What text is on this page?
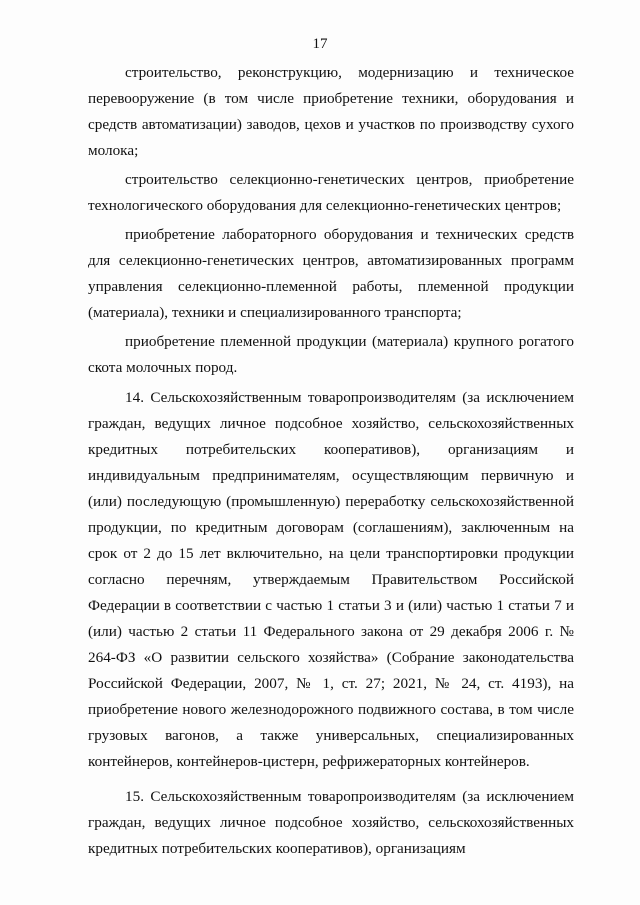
17

строительство, реконструкцию, модернизацию и техническое перевооружение (в том числе приобретение техники, оборудования и средств автоматизации) заводов, цехов и участков по производству сухого молока;

строительство селекционно-генетических центров, приобретение технологического оборудования для селекционно-генетических центров;

приобретение лабораторного оборудования и технических средств для селекционно-генетических центров, автоматизированных программ управления селекционно-племенной работы, племенной продукции (материала), техники и специализированного транспорта;

приобретение племенной продукции (материала) крупного рогатого скота молочных пород.

14. Сельскохозяйственным товаропроизводителям (за исключением граждан, ведущих личное подсобное хозяйство, сельскохозяйственных кредитных потребительских кооперативов), организациям и индивидуальным предпринимателям, осуществляющим первичную и (или) последующую (промышленную) переработку сельскохозяйственной продукции, по кредитным договорам (соглашениям), заключенным на срок от 2 до 15 лет включительно, на цели транспортировки продукции согласно перечням, утверждаемым Правительством Российской Федерации в соответствии с частью 1 статьи 3 и (или) частью 1 статьи 7 и (или) частью 2 статьи 11 Федерального закона от 29 декабря 2006 г. № 264-ФЗ «О развитии сельского хозяйства» (Собрание законодательства Российской Федерации, 2007, № 1, ст. 27; 2021, № 24, ст. 4193), на приобретение нового железнодорожного подвижного состава, в том числе грузовых вагонов, а также универсальных, специализированных контейнеров, контейнеров-цистерн, рефрижераторных контейнеров.

15. Сельскохозяйственным товаропроизводителям (за исключением граждан, ведущих личное подсобное хозяйство, сельскохозяйственных кредитных потребительских кооперативов), организациям
